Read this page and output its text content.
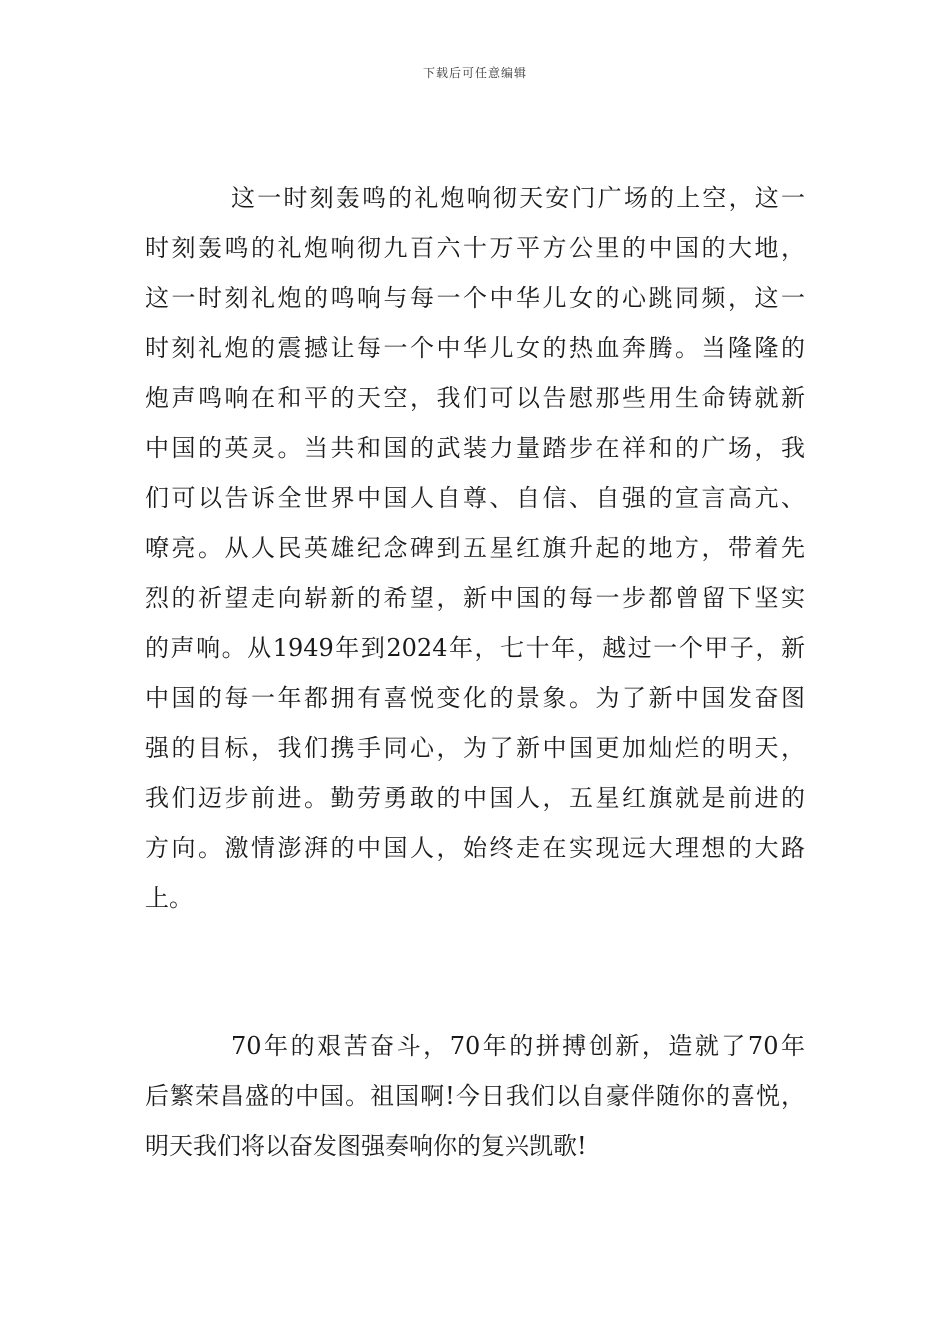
下载后可任意编辑
这一时刻轰鸣的礼炮响彻天安门广场的上空，这一
时刻轰鸣的礼炮响彻九百六十万平方公里的中国的大地，
这一时刻礼炮的鸣响与每一个中华儿女的心跳同频，这一
时刻礼炮的震撼让每一个中华儿女的热血奔腾。当隆隆的
炮声鸣响在和平的天空，我们可以告慰那些用生命铸就新
中国的英灵。当共和国的武装力量踏步在祥和的广场，我
们可以告诉全世界中国人自尊、自信、自强的宣言高亢、
嘹亮。从人民英雄纪念碑到五星红旗升起的地方，带着先
烈的祈望走向崭新的希望，新中国的每一步都曾留下坚实
的声响。从1949年到2024年，七十年，越过一个甲子，新
中国的每一年都拥有喜悦变化的景象。为了新中国发奋图
强的目标，我们携手同心，为了新中国更加灿烂的明天，
我们迈步前进。勤劳勇敢的中国人，五星红旗就是前进的
方向。激情澎湃的中国人，始终走在实现远大理想的大路
上。
70年的艰苦奋斗，70年的拼搏创新，造就了70年
后繁荣昌盛的中国。祖国啊!今日我们以自豪伴随你的喜悦，
明天我们将以奋发图强奏响你的复兴凯歌!
